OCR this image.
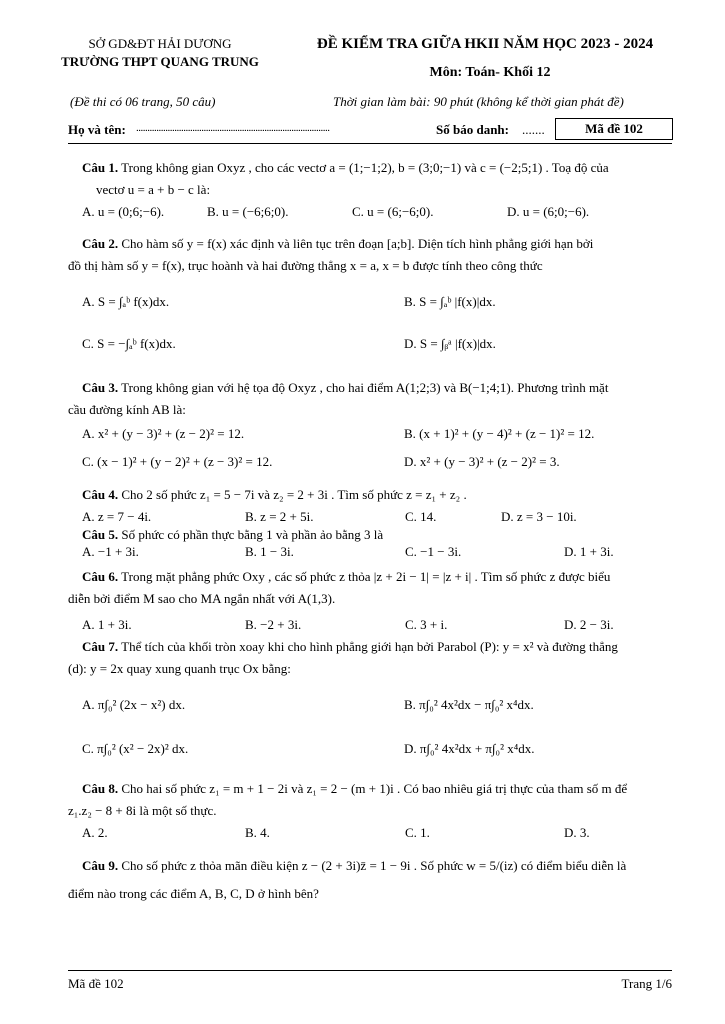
SỞ GD&ĐT HẢI DƯƠNG
TRƯỜNG THPT QUANG TRUNG
ĐỀ KIỂM TRA GIỮA HKII NĂM HỌC 2023 - 2024
Môn: Toán- Khối 12
(Đề thi có 06 trang, 50 câu)	Thời gian làm bài: 90 phút (không kể thời gian phát đề)
Họ và tên: ......................................................................................	Số báo danh: .......	Mã đề 102

Câu 1. Trong không gian Oxyz , cho các vectơ a = (1;−1;2), b = (3;0;−1) và c = (−2;5;1) . Toạ độ của

vectơ u = a + b − c là:

A. u = (0;6;−6).	B. u = (−6;6;0).	C. u = (6;−6;0).	D. u = (6;0;−6).

Câu 2. Cho hàm số y = f(x) xác định và liên tục trên đoạn [a;b]. Diện tích hình phẳng giới hạn bởi

đồ thị hàm số y = f(x), trục hoành và hai đường thẳng x = a, x = b được tính theo công thức

A. S = ∫ₐᵇ f(x)dx.	B. S = ∫ₐᵇ |f(x)|dx.
C. S = −∫ₐᵇ f(x)dx.	D. S = ∫ᵦᵃ |f(x)|dx.

Câu 3. Trong không gian với hệ tọa độ Oxyz , cho hai điểm A(1;2;3) và B(−1;4;1). Phương trình mặt

cầu đường kính AB là:

A. x² + (y − 3)² + (z − 2)² = 12.	B. (x + 1)² + (y − 4)² + (z − 1)² = 12.
C. (x − 1)² + (y − 2)² + (z − 3)² = 12.	D. x² + (y − 3)² + (z − 2)² = 3.

Câu 4. Cho 2 số phức z₁ = 5 − 7i và z₂ = 2 + 3i . Tìm số phức z = z₁ + z₂ .

A. z = 7 − 4i.	B. z = 2 + 5i.	C. 14.	D. z = 3 − 10i.

Câu 5. Số phức có phần thực bằng 1 và phần ảo bằng 3 là

A. −1 + 3i.	B. 1 − 3i.	C. −1 − 3i.	D. 1 + 3i.

Câu 6. Trong mặt phẳng phức Oxy , các số phức z thỏa |z + 2i − 1| = |z + i| . Tìm số phức z được biểu

diễn bởi điểm M sao cho MA ngắn nhất với A(1,3).

A. 1 + 3i.	B. −2 + 3i.	C. 3 + i.	D. 2 − 3i.

Câu 7. Thể tích của khối tròn xoay khi cho hình phẳng giới hạn bởi Parabol (P): y = x² và đường thẳng

(d): y = 2x quay xung quanh trục Ox bằng:

A. π∫₀² (2x − x²) dx.	B. π∫₀² 4x²dx − π∫₀² x⁴dx.
C. π∫₀² (x² − 2x)² dx.	D. π∫₀² 4x²dx + π∫₀² x⁴dx.

Câu 8. Cho hai số phức z₁ = m + 1 − 2i và z₁ = 2 − (m + 1)i . Có bao nhiêu giá trị thực của tham số m để

z₁.z₂ − 8 + 8i là một số thực.

A. 2.	B. 4.	C. 1.	D. 3.

Câu 9. Cho số phức z thỏa mãn điều kiện z − (2 + 3i)z̄ = 1 − 9i . Số phức w = 5/(iz) có điểm biểu diễn là

điểm nào trong các điểm A, B, C, D ở hình bên?

Mã đề 102	Trang 1/6
